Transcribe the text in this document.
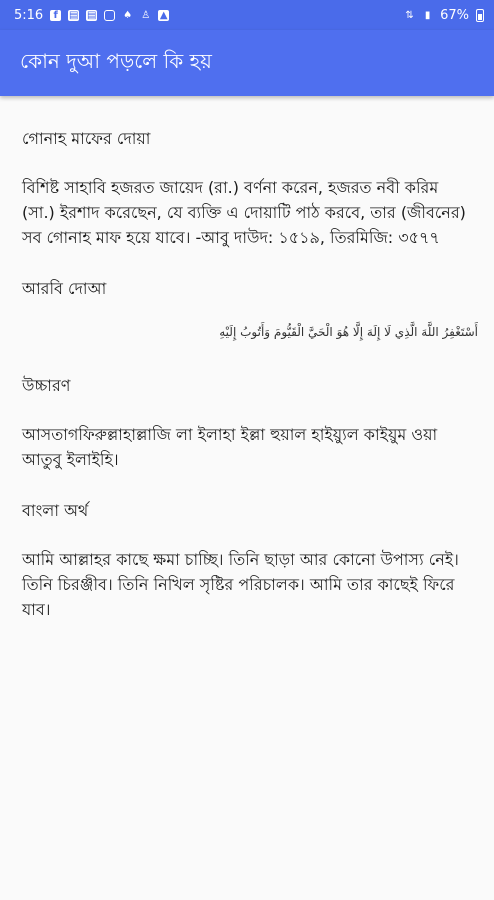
5:16	f	▤ ▤	♠ ♙ ▲	⇅ ▮ 67%
কোন দুআ পড়লে কি হয়
গোনাহ মাফের দোয়া
বিশিষ্ট সাহাবি হজরত জায়েদ (রা.) বর্ণনা করেন, হজরত নবী করিম (সা.) ইরশাদ করেছেন, যে ব্যক্তি এ দোয়াটি পাঠ করবে, তার (জীবনের) সব গোনাহ মাফ হয়ে যাবে। -আবু দাউদ: ১৫১৯, তিরমিজি: ৩৫৭৭
আরবি দোআ
أَسْتَغْفِرُ اللَّهَ الَّذِي لَا إِلَهَ إِلَّا هُوَ الْحَيَّ الْقَيُّومَ وَأَتُوبُ إِلَيْهِ
উচ্চারণ
আসতাগফিরুল্লাহাল্লাজি লা ইলাহা ইল্লা হুয়াল হাইয়্যুল কাইয়ুম ওয়া আতুবু ইলাইহি।
বাংলা অর্থ
আমি আল্লাহর কাছে ক্ষমা চাচ্ছি। তিনি ছাড়া আর কোনো উপাস্য নেই। তিনি চিরঞ্জীব। তিনি নিখিল সৃষ্টির পরিচালক। আমি তার কাছেই ফিরে যাব।
